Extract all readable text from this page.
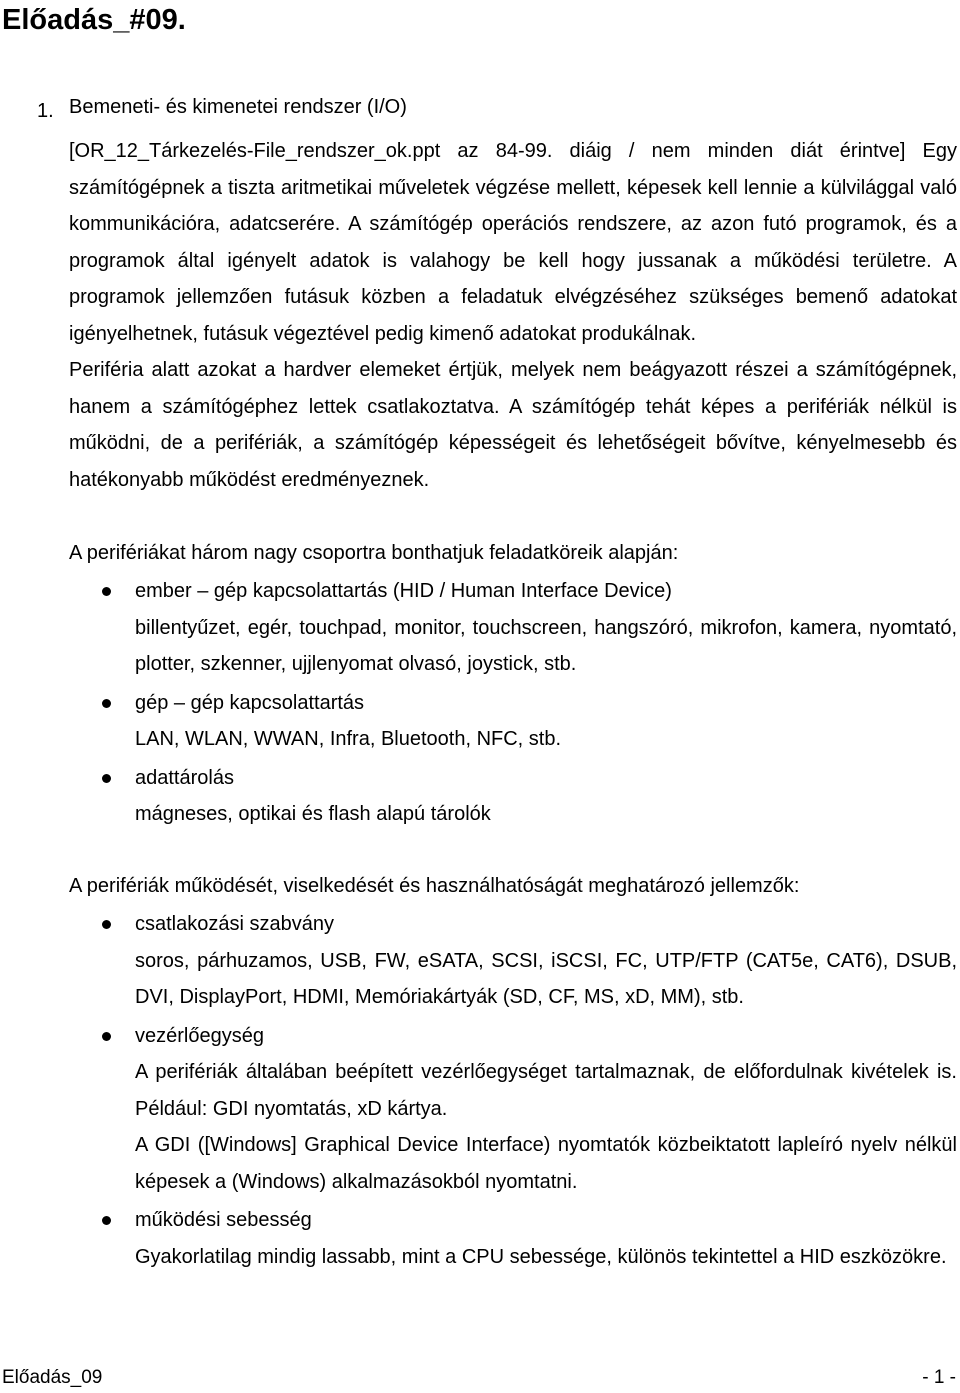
Előadás_#09.
1. Bemeneti- és kimenetei rendszer (I/O)

[OR_12_Tárkezelés-File_rendszer_ok.ppt az 84-99. diáig / nem minden diát érintve] Egy számítógépnek a tiszta aritmetikai műveletek végzése mellett, képesek kell lennie a külvilággal való kommunikációra, adatcserére. A számítógép operációs rendszere, az azon futó programok, és a programok által igényelt adatok is valahogy be kell hogy jussanak a működési területre. A programok jellemzően futásuk közben a feladatuk elvégzéséhez szükséges bemenő adatokat igényelhetnek, futásuk végeztével pedig kimenő adatokat produkálnak.

Periféria alatt azokat a hardver elemeket értjük, melyek nem beágyazott részei a számítógépnek, hanem a számítógéphez lettek csatlakoztatva. A számítógép tehát képes a perifériák nélkül is működni, de a perifériák, a számítógép képességeit és lehetőségeit bővítve, kényelmesebb és hatékonyabb működést eredményeznek.

A perifériákat három nagy csoportra bonthatjuk feladatköreik alapján:
ember – gép kapcsolattartás (HID / Human Interface Device)
billentyűzet, egér, touchpad, monitor, touchscreen, hangszóró, mikrofon, kamera, nyomtató, plotter, szkenner, ujjlenyomat olvasó, joystick, stb.
gép – gép kapcsolattartás
LAN, WLAN, WWAN, Infra, Bluetooth, NFC, stb.
adattárolás
mágneses, optikai és flash alapú tárolók

A perifériák működését, viselkedését és használhatóságát meghatározó jellemzők:

csatlakozási szabvány
soros, párhuzamos, USB, FW, eSATA, SCSI, iSCSI, FC, UTP/FTP (CAT5e, CAT6), DSUB, DVI, DisplayPort, HDMI, Memóriakártyák (SD, CF, MS, xD, MM), stb.
vezérlőegység
A perifériák általában beépített vezérlőegységet tartalmaznak, de előfordulnak kivételek is. Például: GDI nyomtatás, xD kártya.
A GDI ([Windows] Graphical Device Interface) nyomtatók közbeiktatott lapleíró nyelv nélkül képesek a (Windows) alkalmazásokból nyomtatni.
működési sebesség
Gyakorlatilag mindig lassabb, mint a CPU sebessége, különös tekintettel a HID eszközökre.
Előadás_09	- 1 -
